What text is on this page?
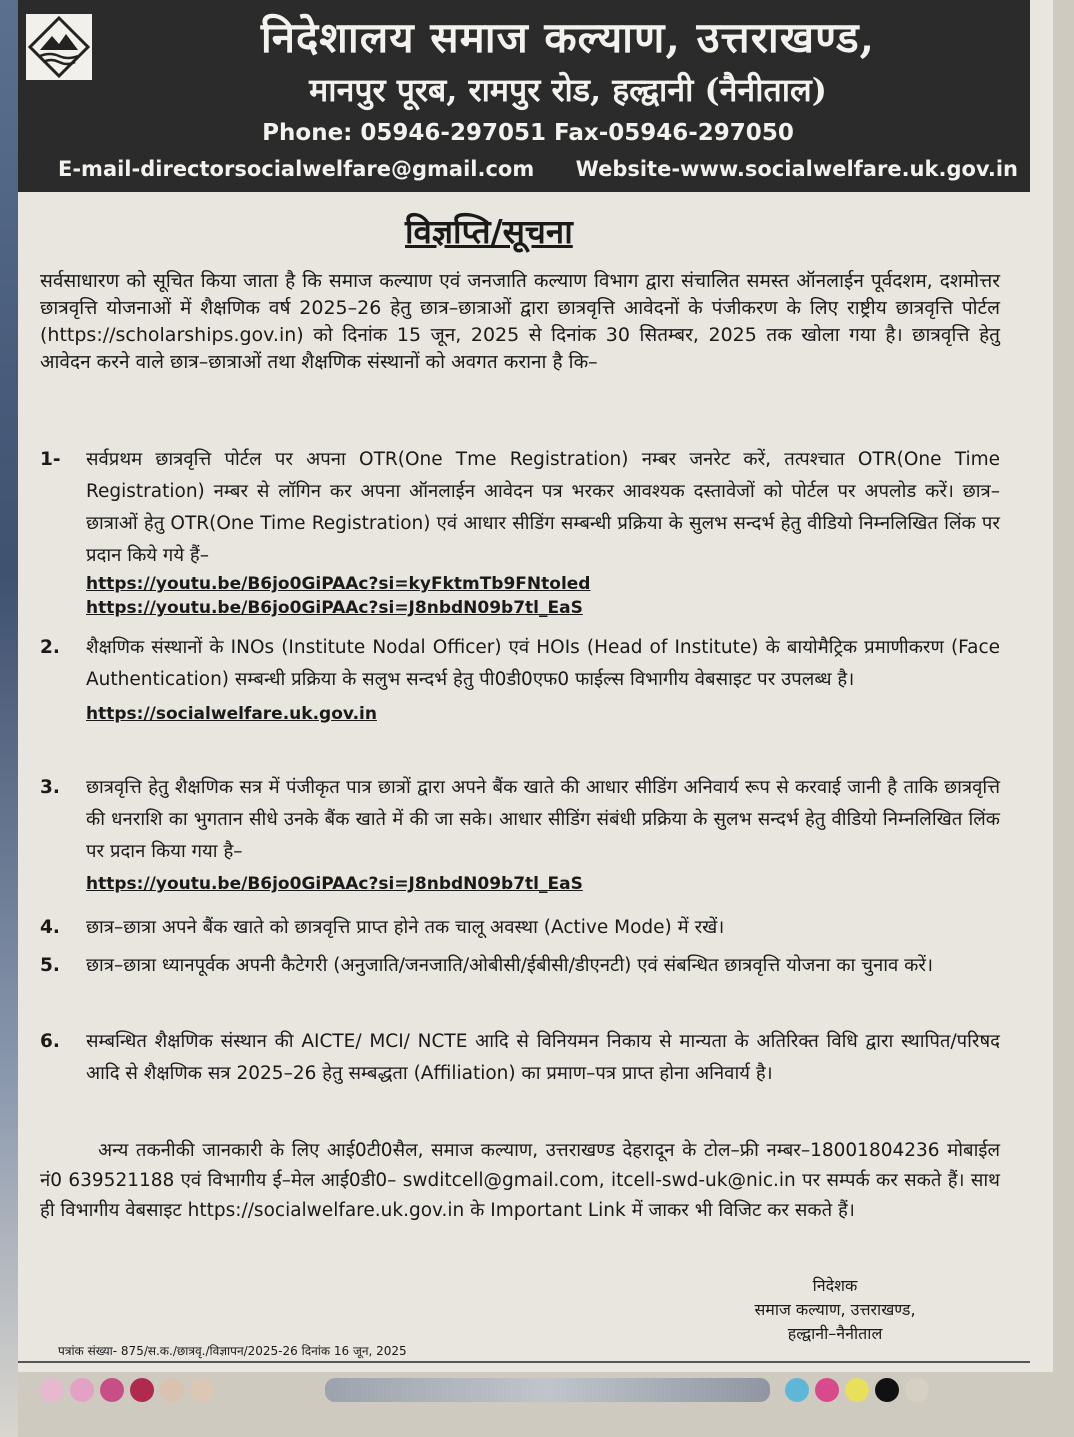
निदेशालय समाज कल्याण, उत्तराखण्ड,
मानपुर पूरब, रामपुर रोड, हल्द्वानी (नैनीताल)
Phone: 05946-297051 Fax-05946-297050
E-mail-directorsocialwelfare@gmail.com Website-www.socialwelfare.uk.gov.in
विज्ञप्ति/सूचना
सर्वसाधारण को सूचित किया जाता है कि समाज कल्याण एवं जनजाति कल्याण विभाग द्वारा संचालित समस्त ऑनलाईन पूर्वदशम, दशमोत्तर छात्रवृत्ति योजनाओं में शैक्षणिक वर्ष 2025–26 हेतु छात्र–छात्राओं द्वारा छात्रवृत्ति आवेदनों के पंजीकरण के लिए राष्ट्रीय छात्रवृत्ति पोर्टल (https://scholarships.gov.in) को दिनांक 15 जून, 2025 से दिनांक 30 सितम्बर, 2025 तक खोला गया है। छात्रवृत्ति हेतु आवेदन करने वाले छात्र–छात्राओं तथा शैक्षणिक संस्थानों को अवगत कराना है कि–
1-	सर्वप्रथम छात्रवृत्ति पोर्टल पर अपना OTR(One Tme Registration) नम्बर जनरेट करें, तत्पश्चात OTR(One Time Registration) नम्बर से लॉगिन कर अपना ऑनलाईन आवेदन पत्र भरकर आवश्यक दस्तावेजों को पोर्टल पर अपलोड करें। छात्र–छात्राओं हेतु OTR(One Time Registration) एवं आधार सीडिंग सम्बन्धी प्रक्रिया के सुलभ सन्दर्भ हेतु वीडियो निम्नलिखित लिंक पर प्रदान किये गये हैं–
https://youtu.be/B6jo0GiPAAc?si=kyFktmTb9FNtoled
https://youtu.be/B6jo0GiPAAc?si=J8nbdN09b7tl_EaS
2.	शैक्षणिक संस्थानों के INOs (Institute Nodal Officer) एवं HOIs (Head of Institute) के बायोमैट्रिक प्रमाणीकरण (Face Authentication) सम्बन्धी प्रक्रिया के सलुभ सन्दर्भ हेतु पी0डी0एफ0 फाईल्स विभागीय वेबसाइट पर उपलब्ध है।
https://socialwelfare.uk.gov.in
3.	छात्रवृत्ति हेतु शैक्षणिक सत्र में पंजीकृत पात्र छात्रों द्वारा अपने बैंक खाते की आधार सीडिंग अनिवार्य रूप से करवाई जानी है ताकि छात्रवृत्ति की धनराशि का भुगतान सीधे उनके बैंक खाते में की जा सके। आधार सीडिंग संबंधी प्रक्रिया के सुलभ सन्दर्भ हेतु वीडियो निम्नलिखित लिंक पर प्रदान किया गया है–
https://youtu.be/B6jo0GiPAAc?si=J8nbdN09b7tl_EaS
4.	छात्र–छात्रा अपने बैंक खाते को छात्रवृत्ति प्राप्त होने तक चालू अवस्था (Active Mode) में रखें।
5.	छात्र–छात्रा ध्यानपूर्वक अपनी कैटेगरी (अनुजाति/जनजाति/ओबीसी/ईबीसी/डीएनटी) एवं संबन्धित छात्रवृत्ति योजना का चुनाव करें।
6.	सम्बन्धित शैक्षणिक संस्थान की AICTE/ MCI/ NCTE आदि से विनियमन निकाय से मान्यता के अतिरिक्त विधि द्वारा स्थापित/परिषद आदि से शैक्षणिक सत्र 2025–26 हेतु सम्बद्धता (Affiliation) का प्रमाण–पत्र प्राप्त होना अनिवार्य है।
अन्य तकनीकी जानकारी के लिए आई0टी0सैल, समाज कल्याण, उत्तराखण्ड देहरादून के टोल–फ्री नम्बर–18001804236 मोबाईल नं0 639521188 एवं विभागीय ई–मेल आई0डी0– swditcell@gmail.com, itcell-swd-uk@nic.in पर सम्पर्क कर सकते हैं। साथ ही विभागीय वेबसाइट https://socialwelfare.uk.gov.in के Important Link में जाकर भी विजिट कर सकते हैं।
निदेशक
समाज कल्याण, उत्तराखण्ड,
हल्द्वानी–नैनीताल
पत्रांक संख्या- 875/स.क./छात्रवृ./विज्ञापन/2025-26 दिनांक 16 जून, 2025
